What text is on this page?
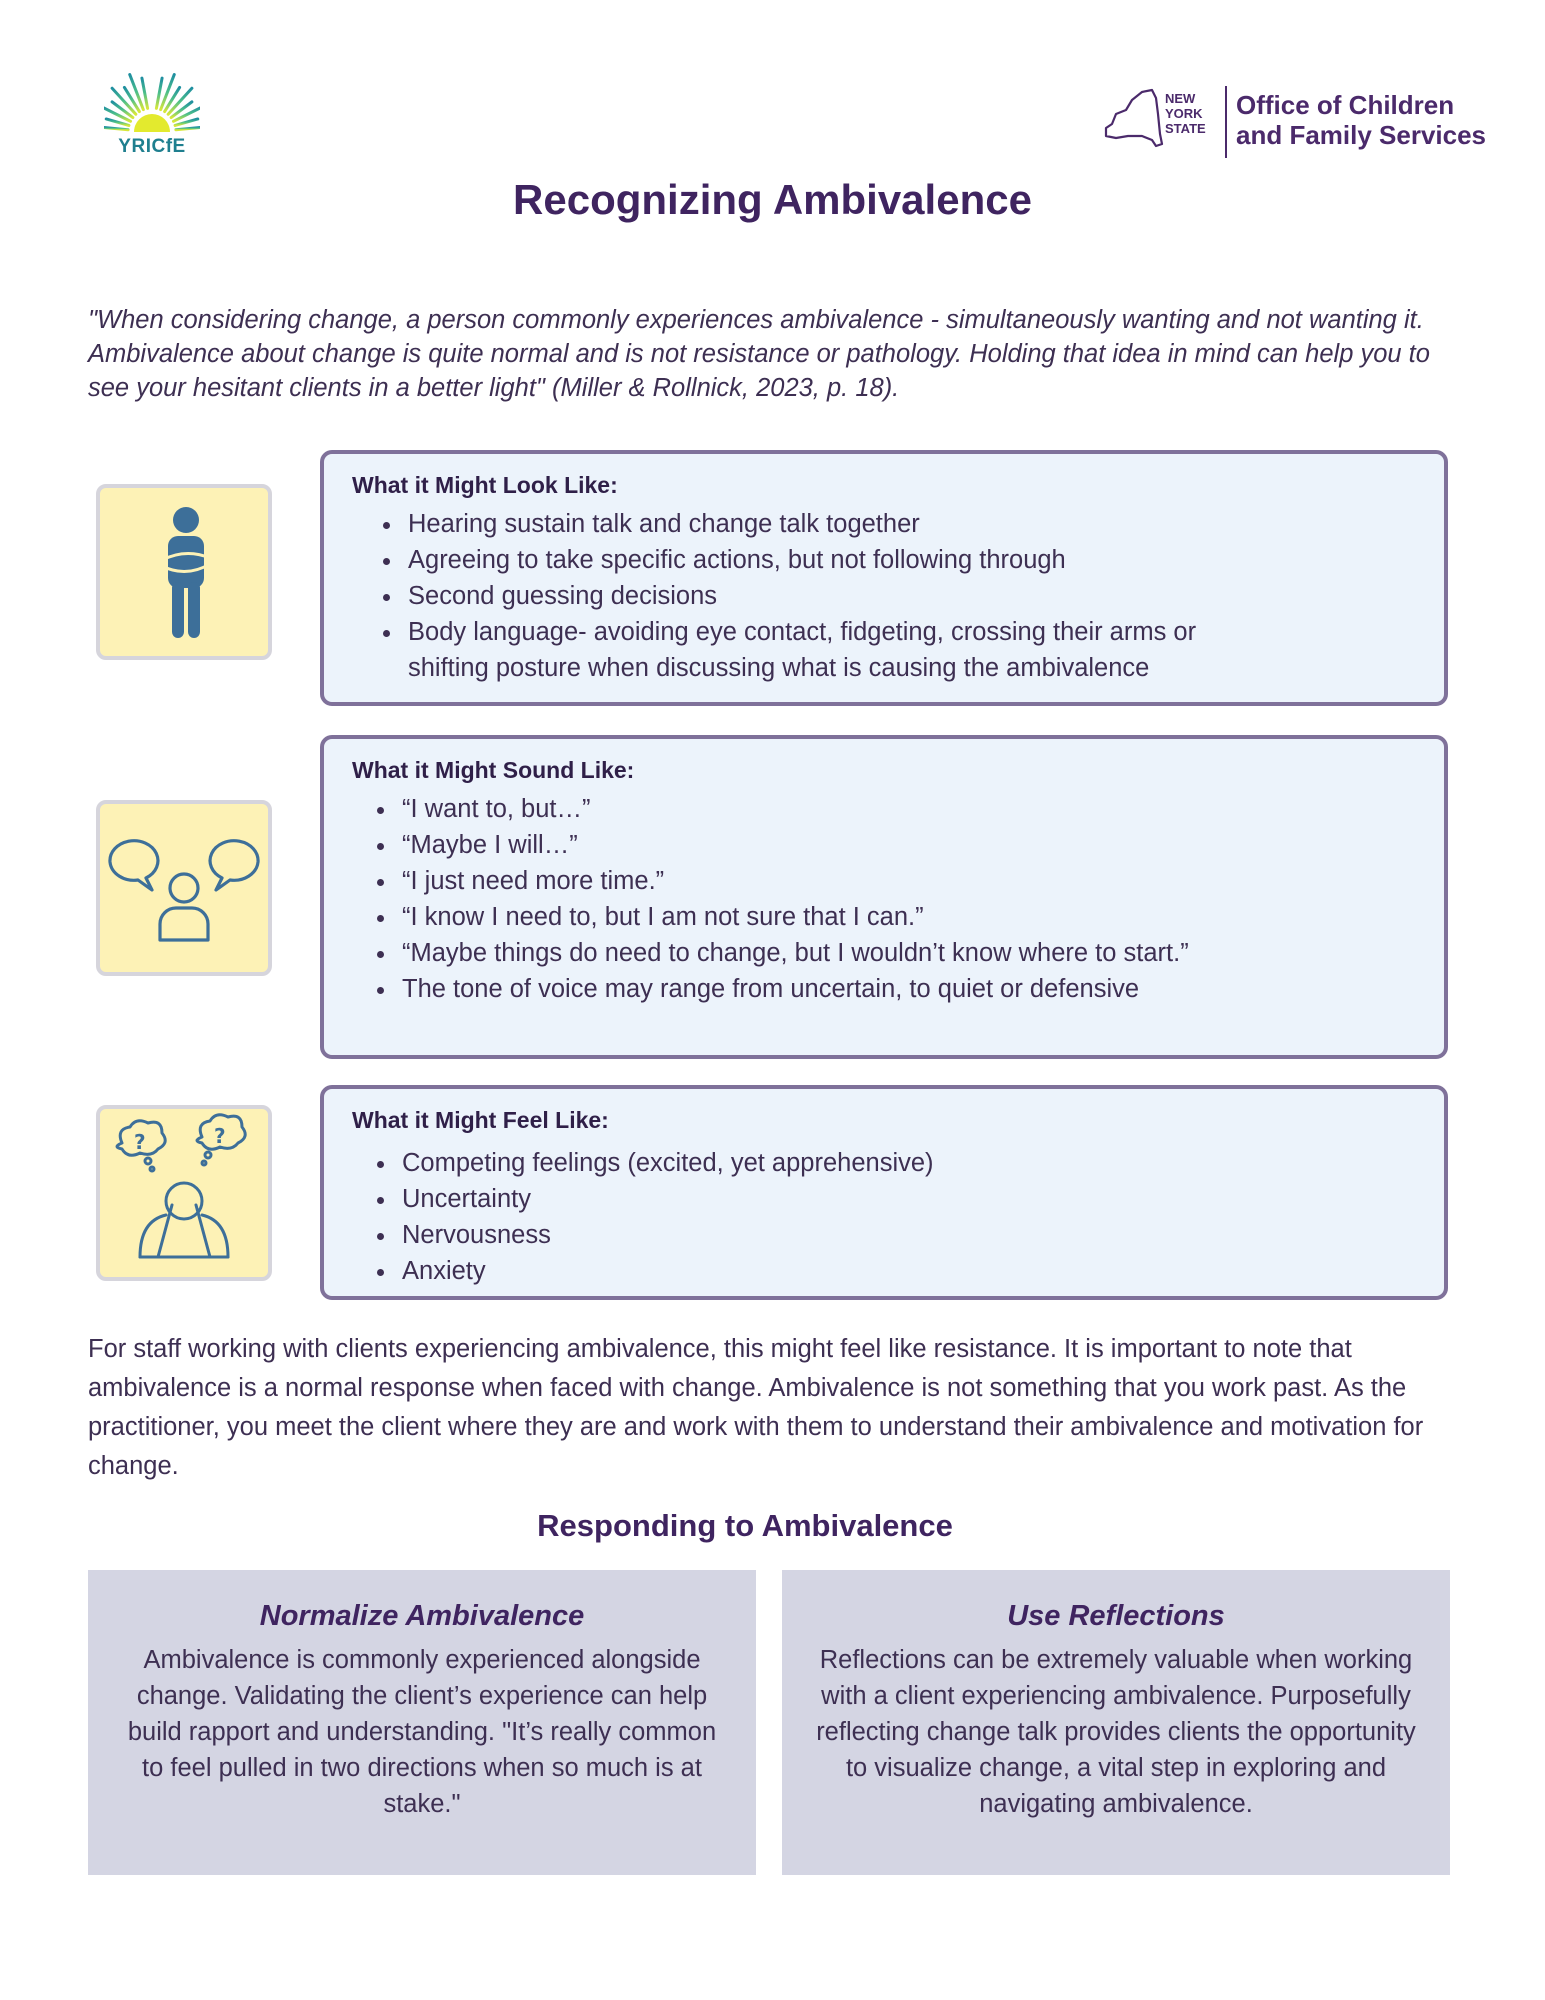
YRICfE
NEW
YORK
STATE
Office of Children
and Family Services
Recognizing Ambivalence
"When considering change, a person commonly experiences ambivalence - simultaneously wanting and not wanting it. Ambivalence about change is quite normal and is not resistance or pathology. Holding that idea in mind can help you to see your hesitant clients in a better light" (Miller & Rollnick, 2023, p. 18).
What it Might Look Like:
• Hearing sustain talk and change talk together
• Agreeing to take specific actions, but not following through
• Second guessing decisions
• Body language- avoiding eye contact, fidgeting, crossing their arms or shifting posture when discussing what is causing the ambivalence
What it Might Sound Like:
• “I want to, but…”
• “Maybe I will…”
• “I just need more time.”
• “I know I need to, but I am not sure that I can.”
• “Maybe things do need to change, but I wouldn’t know where to start.”
• The tone of voice may range from uncertain, to quiet or defensive
?	?
What it Might Feel Like:
• Competing feelings (excited, yet apprehensive)
• Uncertainty
• Nervousness
• Anxiety
For staff working with clients experiencing ambivalence, this might feel like resistance. It is important to note that ambivalence is a normal response when faced with change. Ambivalence is not something that you work past. As the practitioner, you meet the client where they are and work with them to understand their ambivalence and motivation for change.
Responding to Ambivalence
Normalize Ambivalence
Ambivalence is commonly experienced alongside change. Validating the client’s experience can help build rapport and understanding. "It’s really common to feel pulled in two directions when so much is at stake."
Use Reflections
Reflections can be extremely valuable when working with a client experiencing ambivalence. Purposefully reflecting change talk provides clients the opportunity to visualize change, a vital step in exploring and navigating ambivalence.
